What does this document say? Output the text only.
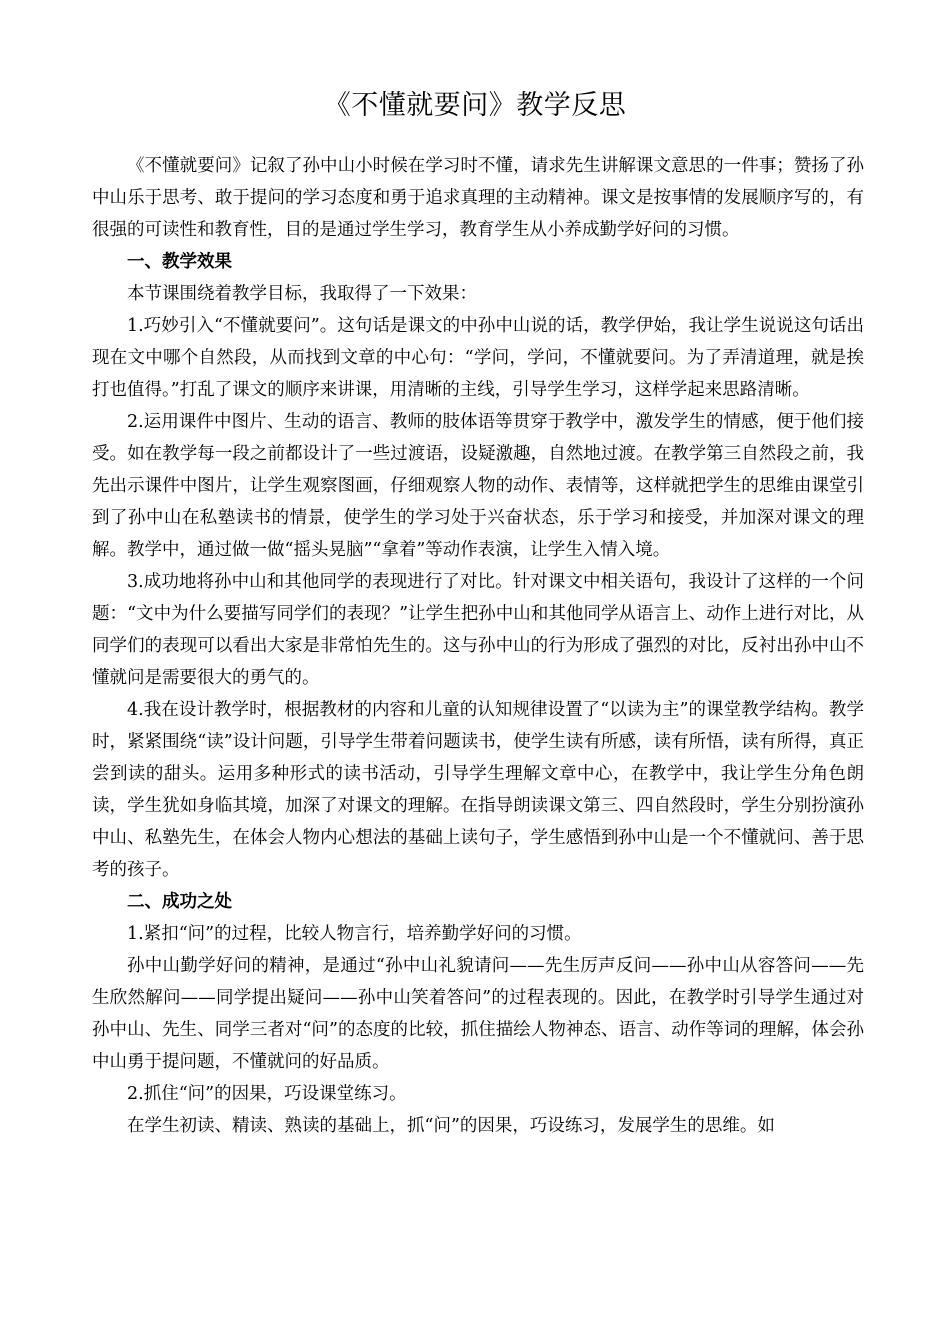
《不懂就要问》教学反思

《不懂就要问》记叙了孙中山小时候在学习时不懂，请求先生讲解课文意思的一件事；赞扬了孙中山乐于思考、敢于提问的学习态度和勇于追求真理的主动精神。课文是按事情的发展顺序写的，有很强的可读性和教育性，目的是通过学生学习，教育学生从小养成勤学好问的习惯。

一、教学效果

本节课围绕着教学目标，我取得了一下效果：

1.巧妙引入“不懂就要问”。这句话是课文的中孙中山说的话，教学伊始，我让学生说说这句话出现在文中哪个自然段，从而找到文章的中心句：“学问，学问，不懂就要问。为了弄清道理，就是挨打也值得。”打乱了课文的顺序来讲课，用清晰的主线，引导学生学习，这样学起来思路清晰。

2.运用课件中图片、生动的语言、教师的肢体语等贯穿于教学中，激发学生的情感，便于他们接受。如在教学每一段之前都设计了一些过渡语，设疑激趣，自然地过渡。在教学第三自然段之前，我先出示课件中图片，让学生观察图画，仔细观察人物的动作、表情等，这样就把学生的思维由课堂引到了孙中山在私塾读书的情景，使学生的学习处于兴奋状态，乐于学习和接受，并加深对课文的理解。教学中，通过做一做“摇头晃脑”“拿着”等动作表演，让学生入情入境。

3.成功地将孙中山和其他同学的表现进行了对比。针对课文中相关语句，我设计了这样的一个问题：“文中为什么要描写同学们的表现？”让学生把孙中山和其他同学从语言上、动作上进行对比，从同学们的表现可以看出大家是非常怕先生的。这与孙中山的行为形成了强烈的对比，反衬出孙中山不懂就问是需要很大的勇气的。

4.我在设计教学时，根据教材的内容和儿童的认知规律设置了“以读为主”的课堂教学结构。教学时，紧紧围绕“读”设计问题，引导学生带着问题读书，使学生读有所感，读有所悟，读有所得，真正尝到读的甜头。运用多种形式的读书活动，引导学生理解文章中心，在教学中，我让学生分角色朗读，学生犹如身临其境，加深了对课文的理解。在指导朗读课文第三、四自然段时，学生分别扮演孙中山、私塾先生，在体会人物内心想法的基础上读句子，学生感悟到孙中山是一个不懂就问、善于思考的孩子。

二、成功之处

1.紧扣“问”的过程，比较人物言行，培养勤学好问的习惯。

孙中山勤学好问的精神，是通过“孙中山礼貌请问——先生厉声反问——孙中山从容答问——先生欣然解问——同学提出疑问——孙中山笑着答问”的过程表现的。因此，在教学时引导学生通过对孙中山、先生、同学三者对“问”的态度的比较，抓住描绘人物神态、语言、动作等词的理解，体会孙中山勇于提问题，不懂就问的好品质。

2.抓住“问”的因果，巧设课堂练习。

在学生初读、精读、熟读的基础上，抓“问”的因果，巧设练习，发展学生的思维。如
